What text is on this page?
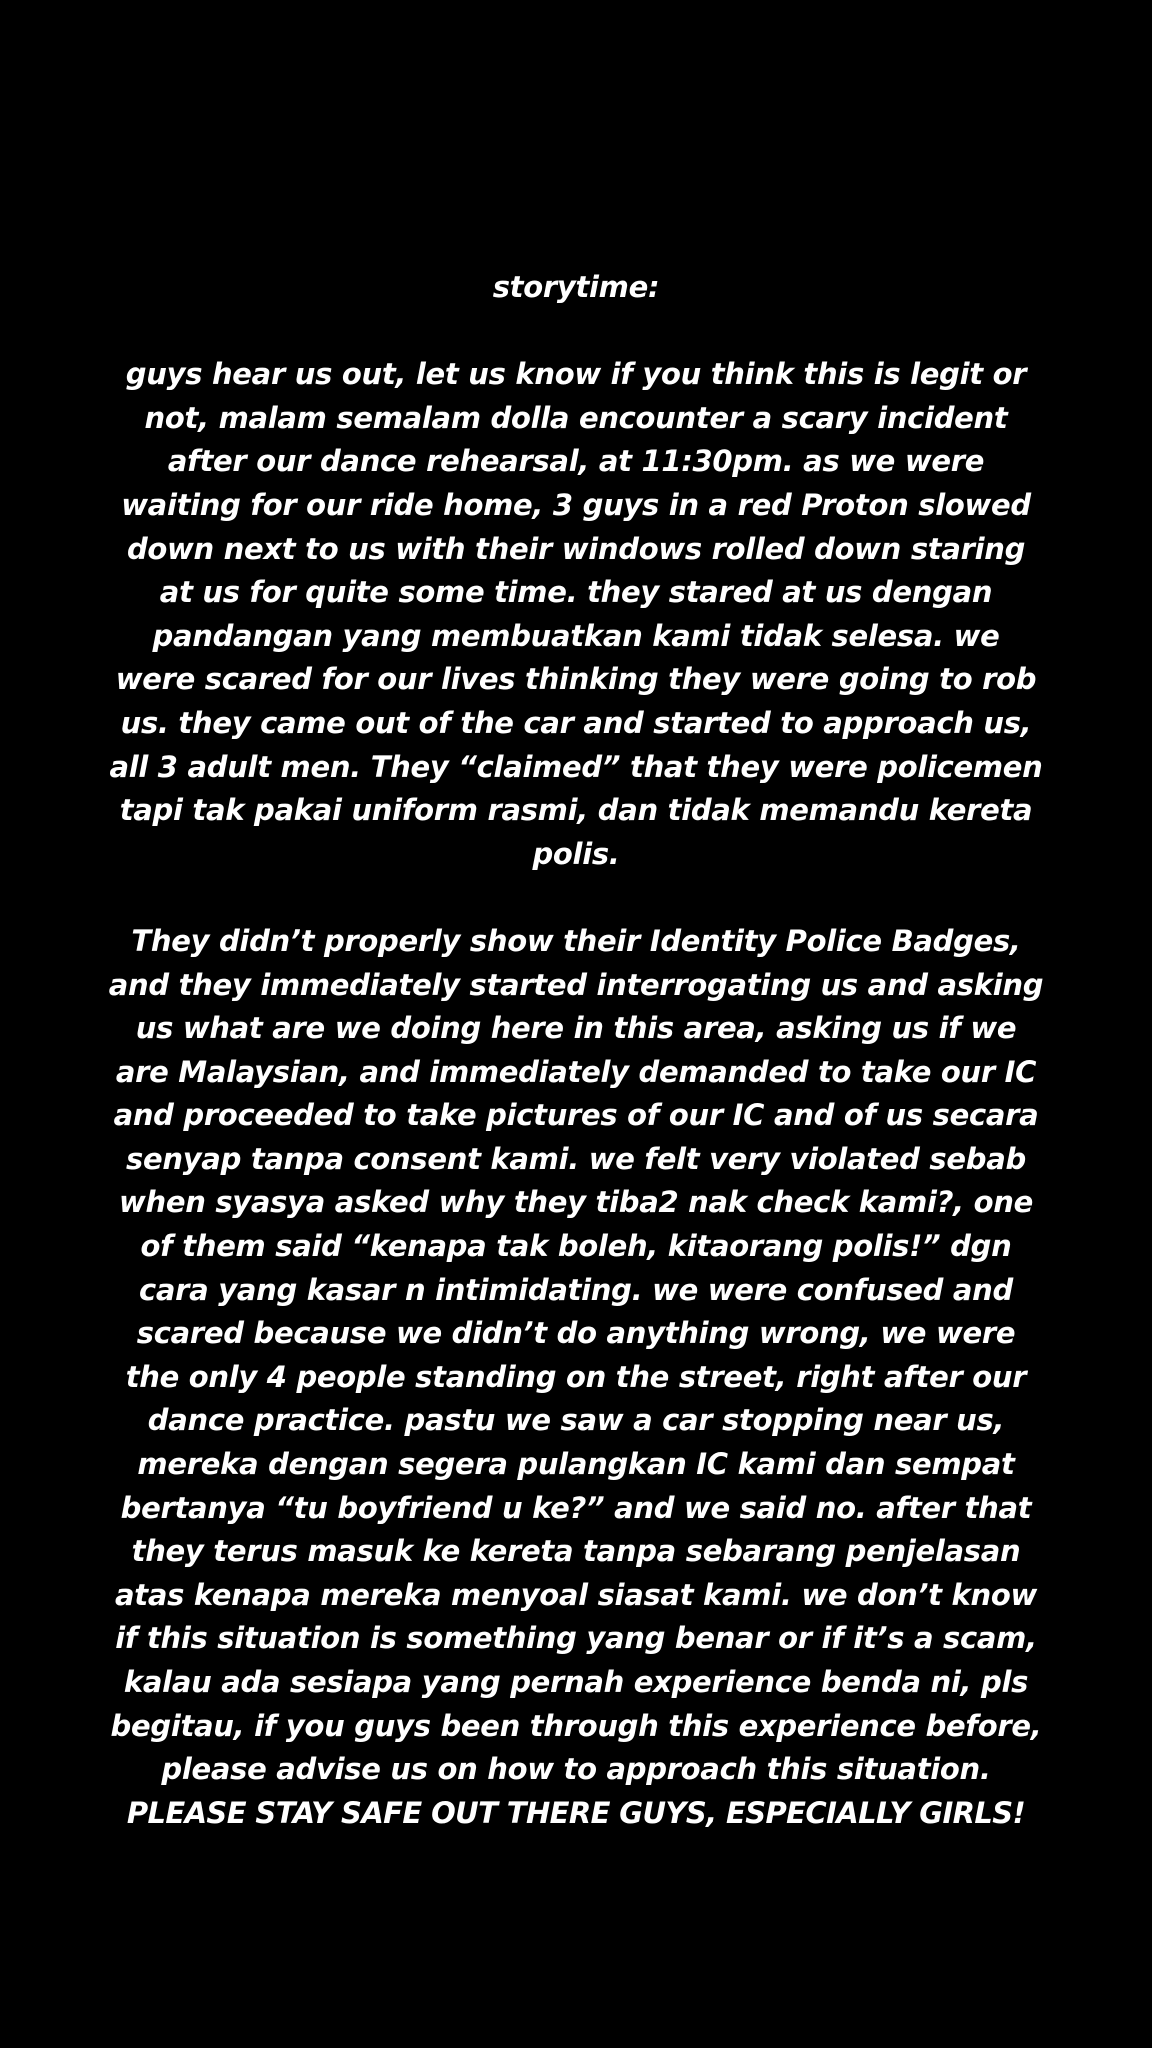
storytime:
guys hear us out, let us know if you think this is legit or not, malam semalam dolla encounter a scary incident after our dance rehearsal, at 11:30pm. as we were waiting for our ride home, 3 guys in a red Proton slowed down next to us with their windows rolled down staring at us for quite some time. they stared at us dengan pandangan yang membuatkan kami tidak selesa. we were scared for our lives thinking they were going to rob us. they came out of the car and started to approach us, all 3 adult men. They “claimed” that they were policemen tapi tak pakai uniform rasmi, dan tidak memandu kereta polis.
They didn’t properly show their Identity Police Badges, and they immediately started interrogating us and asking us what are we doing here in this area, asking us if we are Malaysian, and immediately demanded to take our IC and proceeded to take pictures of our IC and of us secara senyap tanpa consent kami. we felt very violated sebab when syasya asked why they tiba2 nak check kami?, one of them said “kenapa tak boleh, kitaorang polis!” dgn cara yang kasar n intimidating. we were confused and scared because we didn’t do anything wrong, we were the only 4 people standing on the street, right after our dance practice. pastu we saw a car stopping near us, mereka dengan segera pulangkan IC kami dan sempat bertanya “tu boyfriend u ke?” and we said no. after that they terus masuk ke kereta tanpa sebarang penjelasan atas kenapa mereka menyoal siasat kami. we don’t know if this situation is something yang benar or if it’s a scam, kalau ada sesiapa yang pernah experience benda ni, pls begitau, if you guys been through this experience before, please advise us on how to approach this situation.
PLEASE STAY SAFE OUT THERE GUYS, ESPECIALLY GIRLS!
